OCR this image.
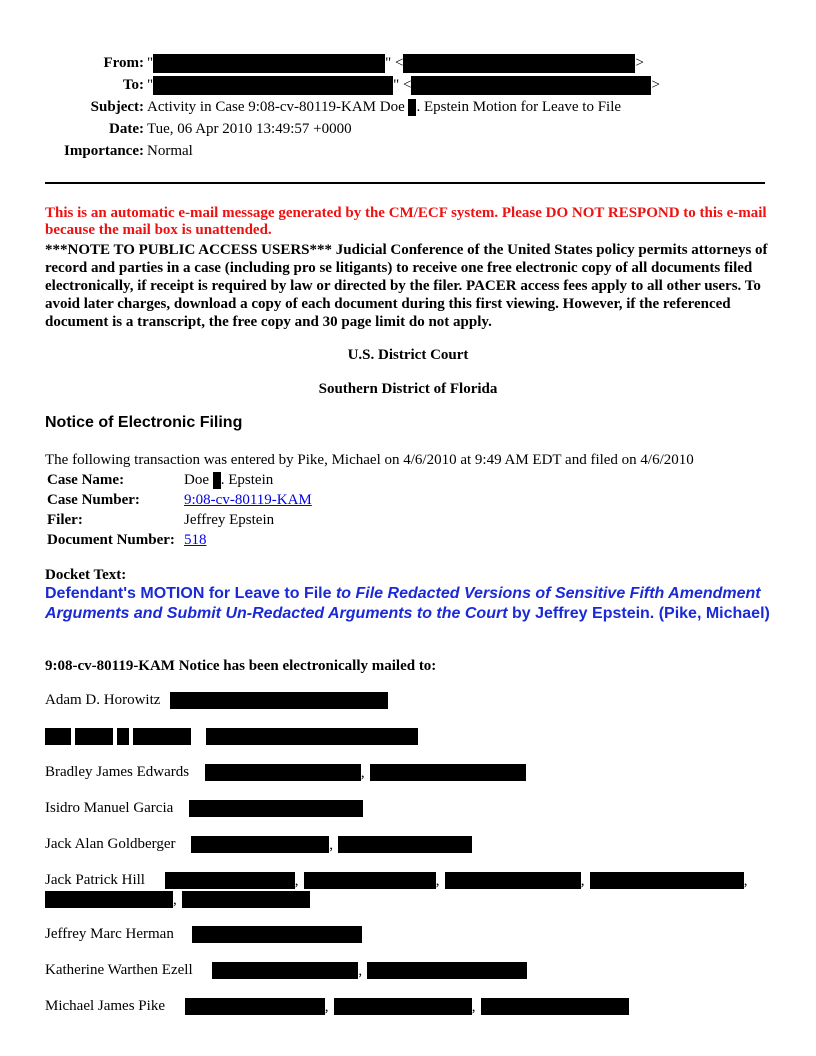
From: "	" <	>
To: "	" <	>
Subject: Activity in Case 9:08-cv-80119-KAM Doe . Epstein Motion for Leave to File
Date: Tue, 06 Apr 2010 13:49:57 +0000
Importance: Normal
This is an automatic e-mail message generated by the CM/ECF system. Please DO NOT RESPOND to this e-mail because the mail box is unattended.
***NOTE TO PUBLIC ACCESS USERS*** Judicial Conference of the United States policy permits attorneys of record and parties in a case (including pro se litigants) to receive one free electronic copy of all documents filed electronically, if receipt is required by law or directed by the filer. PACER access fees apply to all other users. To avoid later charges, download a copy of each document during this first viewing. However, if the referenced document is a transcript, the free copy and 30 page limit do not apply.
U.S. District Court
Southern District of Florida
Notice of Electronic Filing
The following transaction was entered by Pike, Michael on 4/6/2010 at 9:49 AM EDT and filed on 4/6/2010
Case Name:	Doe . Epstein
Case Number:	9:08-cv-80119-KAM
Filer:	Jeffrey Epstein
Document Number: 518
Docket Text:
Defendant's MOTION for Leave to File to File Redacted Versions of Sensitive Fifth Amendment Arguments and Submit Un-Redacted Arguments to the Court by Jeffrey Epstein. (Pike, Michael)
9:08-cv-80119-KAM Notice has been electronically mailed to:
Adam D. Horowitz

Bradley James Edwards	,
Isidro Manuel Garcia
Jack Alan Goldberger	,
Jack Patrick Hill	,	,	,	,
,
Jeffrey Marc Herman
Katherine Warthen Ezell	,
Michael James Pike	,	,
